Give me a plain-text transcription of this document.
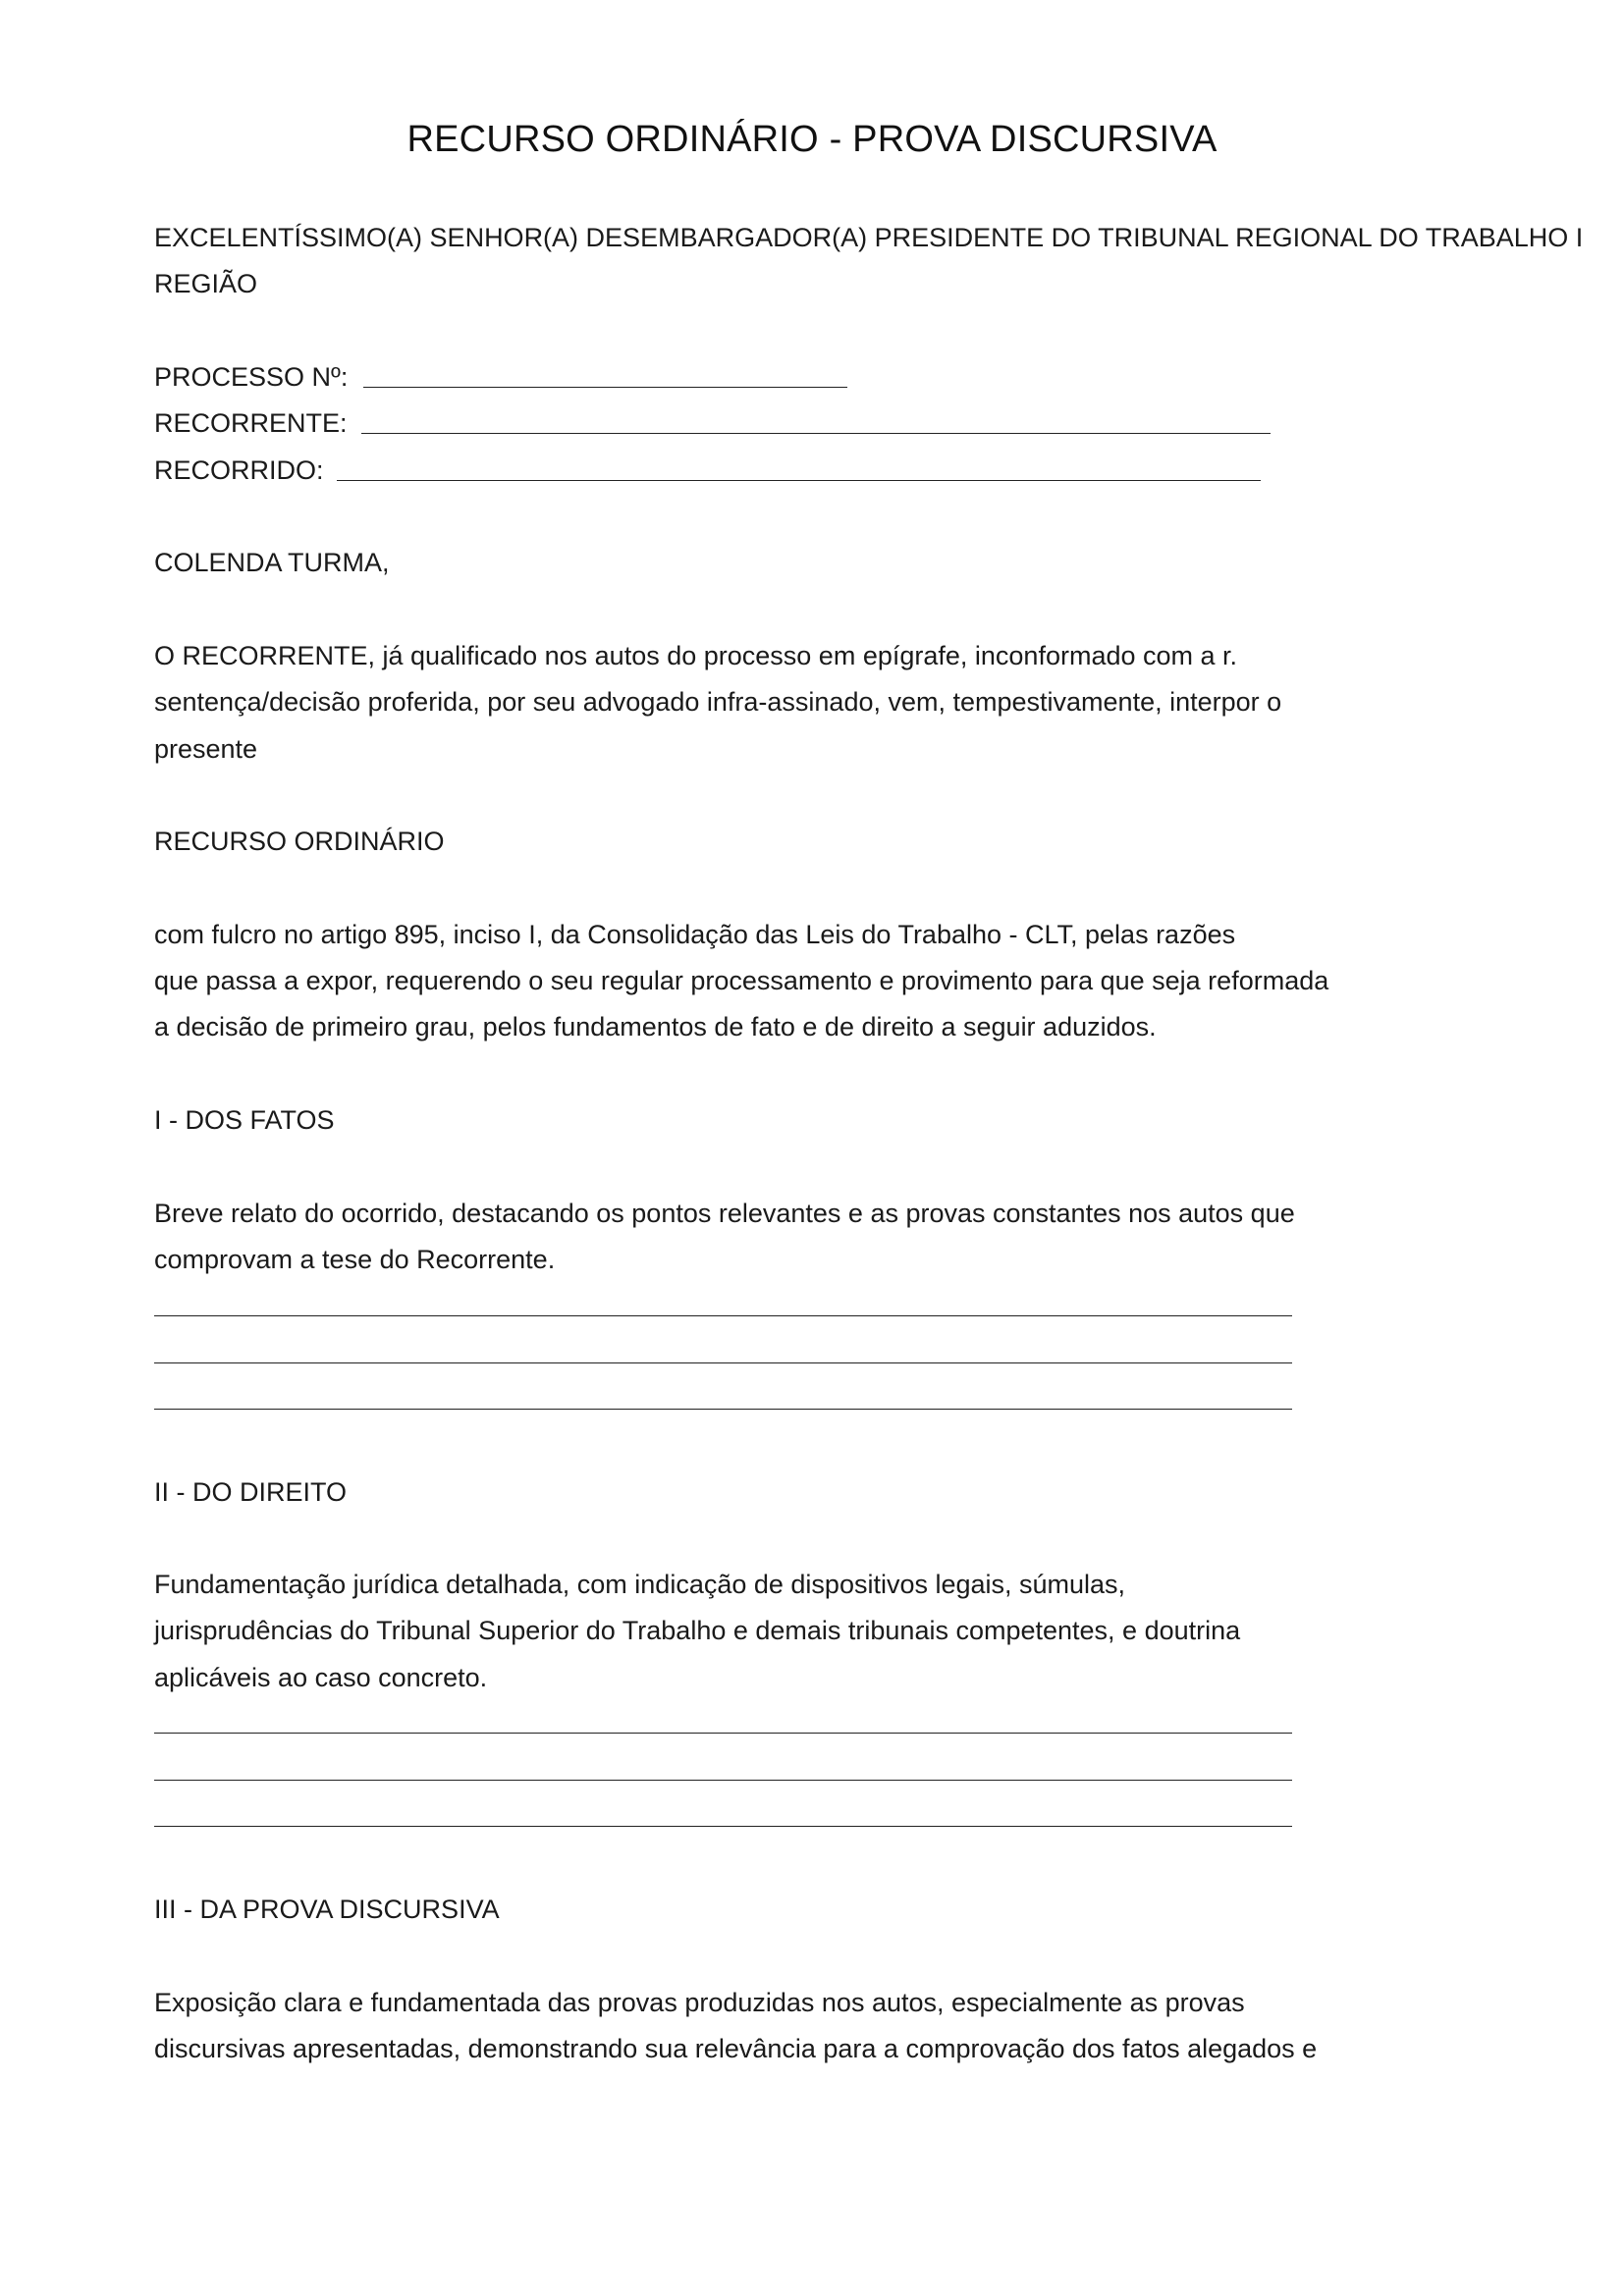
RECURSO ORDINÁRIO - PROVA DISCURSIVA

EXCELENTÍSSIMO(A) SENHOR(A) DESEMBARGADOR(A) PRESIDENTE DO TRIBUNAL REGIONAL DO TRABALHO I

REGIÃO

PROCESSO Nº:

RECORRENTE:

RECORRIDO:

COLENDA TURMA,

O RECORRENTE, já qualificado nos autos do processo em epígrafe, inconformado com a r.

sentença/decisão proferida, por seu advogado infra-assinado, vem, tempestivamente, interpor o

presente

RECURSO ORDINÁRIO

com fulcro no artigo 895, inciso I, da Consolidação das Leis do Trabalho - CLT, pelas razões

que passa a expor, requerendo o seu regular processamento e provimento para que seja reformada

a decisão de primeiro grau, pelos fundamentos de fato e de direito a seguir aduzidos.

I - DOS FATOS

Breve relato do ocorrido, destacando os pontos relevantes e as provas constantes nos autos que

comprovam a tese do Recorrente.

II - DO DIREITO

Fundamentação jurídica detalhada, com indicação de dispositivos legais, súmulas,

jurisprudências do Tribunal Superior do Trabalho e demais tribunais competentes, e doutrina

aplicáveis ao caso concreto.

III - DA PROVA DISCURSIVA

Exposição clara e fundamentada das provas produzidas nos autos, especialmente as provas

discursivas apresentadas, demonstrando sua relevância para a comprovação dos fatos alegados e
